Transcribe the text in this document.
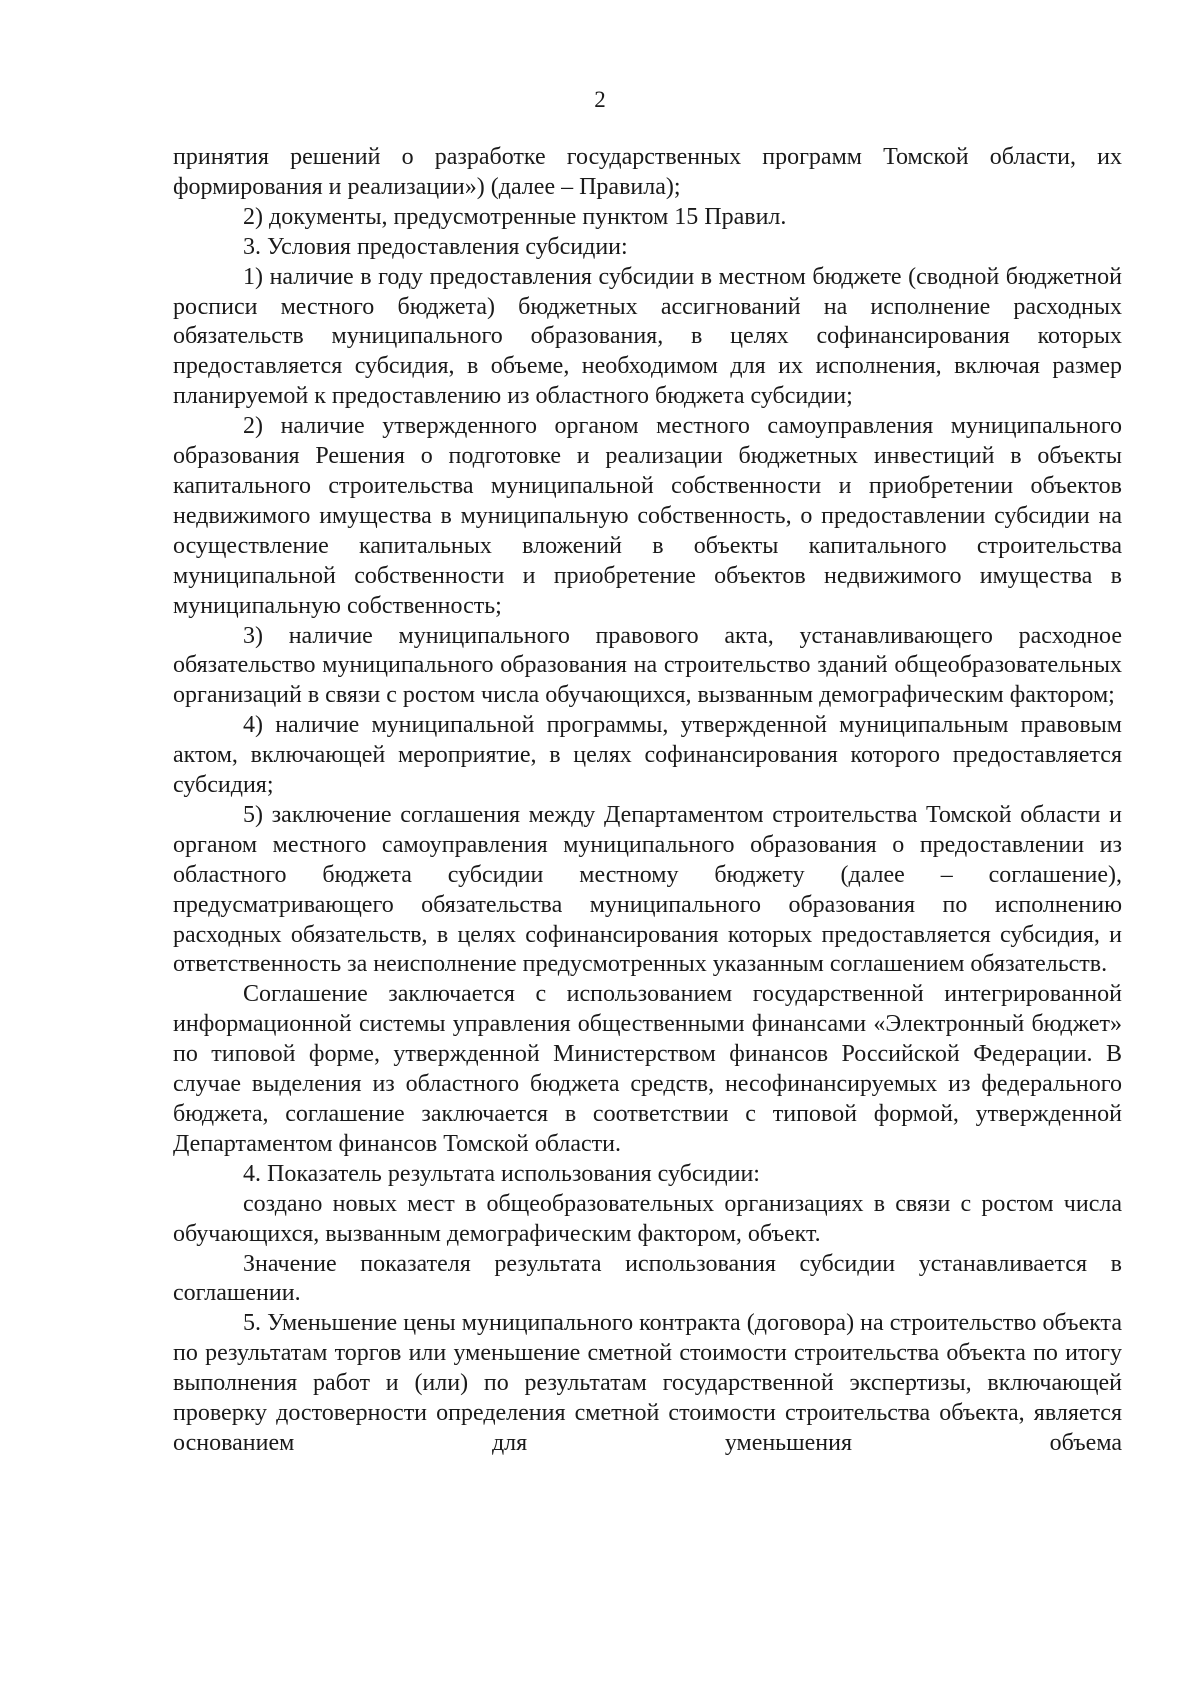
2

принятия решений о разработке государственных программ Томской области, их формирования и реализации») (далее – Правила);

2) документы, предусмотренные пунктом 15 Правил.

3. Условия предоставления субсидии:

1) наличие в году предоставления субсидии в местном бюджете (сводной бюджетной росписи местного бюджета) бюджетных ассигнований на исполнение расходных обязательств муниципального образования, в целях софинансирования которых предоставляется субсидия, в объеме, необходимом для их исполнения, включая размер планируемой к предоставлению из областного бюджета субсидии;

2) наличие утвержденного органом местного самоуправления муниципального образования Решения о подготовке и реализации бюджетных инвестиций в объекты капитального строительства муниципальной собственности и приобретении объектов недвижимого имущества в муниципальную собственность, о предоставлении субсидии на осуществление капитальных вложений в объекты капитального строительства муниципальной собственности и приобретение объектов недвижимого имущества в муниципальную собственность;

3) наличие муниципального правового акта, устанавливающего расходное обязательство муниципального образования на строительство зданий общеобразовательных организаций в связи с ростом числа обучающихся, вызванным демографическим фактором;

4) наличие муниципальной программы, утвержденной муниципальным правовым актом, включающей мероприятие, в целях софинансирования которого предоставляется субсидия;

5) заключение соглашения между Департаментом строительства Томской области и органом местного самоуправления муниципального образования о предоставлении из областного бюджета субсидии местному бюджету (далее – соглашение), предусматривающего обязательства муниципального образования по исполнению расходных обязательств, в целях софинансирования которых предоставляется субсидия, и ответственность за неисполнение предусмотренных указанным соглашением обязательств.

Соглашение заключается с использованием государственной интегрированной информационной системы управления общественными финансами «Электронный бюджет» по типовой форме, утвержденной Министерством финансов Российской Федерации. В случае выделения из областного бюджета средств, несофинансируемых из федерального бюджета, соглашение заключается в соответствии с типовой формой, утвержденной Департаментом финансов Томской области.

4. Показатель результата использования субсидии:

создано новых мест в общеобразовательных организациях в связи с ростом числа обучающихся, вызванным демографическим фактором, объект.

Значение показателя результата использования субсидии устанавливается в соглашении.

5. Уменьшение цены муниципального контракта (договора) на строительство объекта по результатам торгов или уменьшение сметной стоимости строительства объекта по итогу выполнения работ и (или) по результатам государственной экспертизы, включающей проверку достоверности определения сметной стоимости строительства объекта, является основанием для уменьшения объема
